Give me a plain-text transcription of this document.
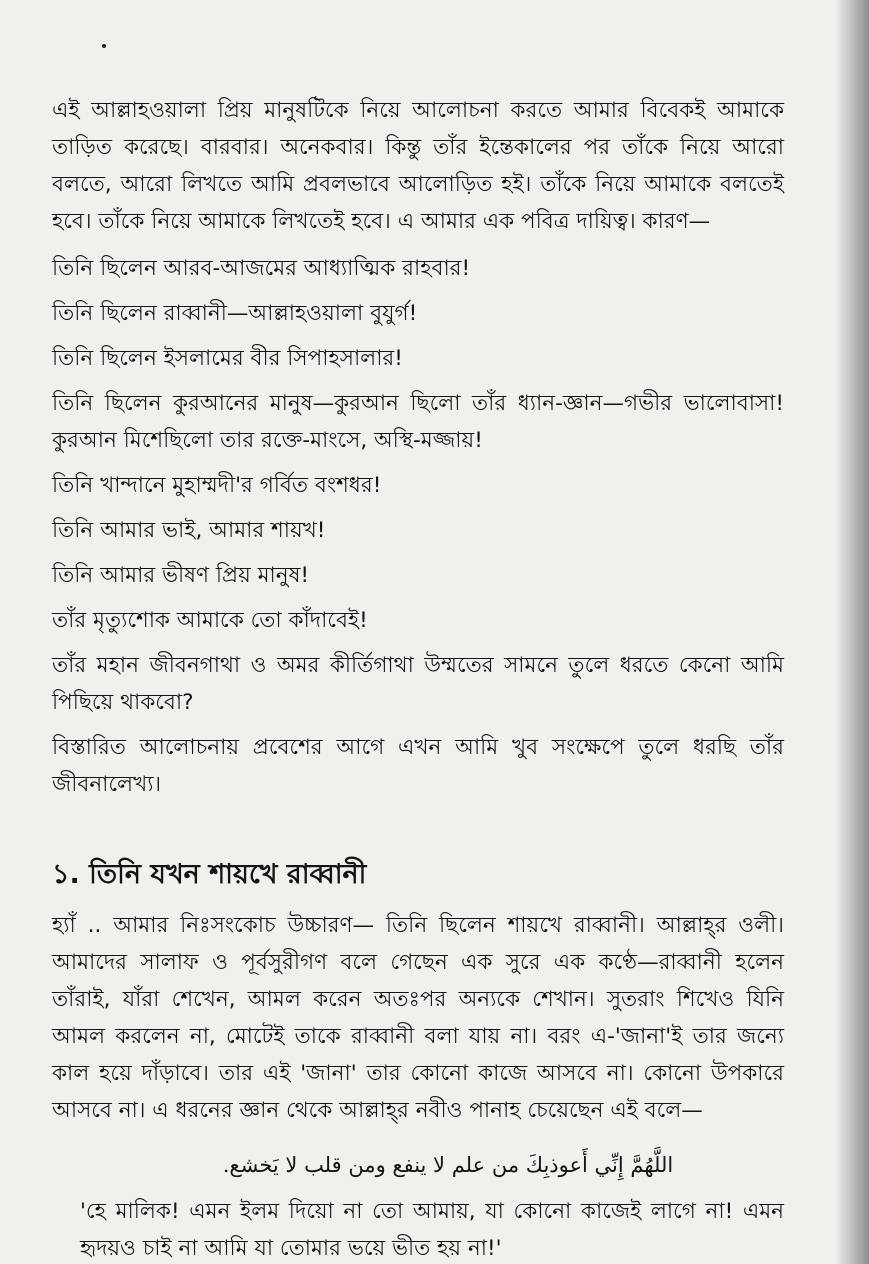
এই আল্লাহওয়ালা প্রিয় মানুষটিকে নিয়ে আলোচনা করতে আমার বিবেকই আমাকে তাড়িত করেছে। বারবার। অনেকবার। কিন্তু তাঁর ইন্তেকালের পর তাঁকে নিয়ে আরো বলতে, আরো লিখতে আমি প্রবলভাবে আলোড়িত হই। তাঁকে নিয়ে আমাকে বলতেই হবে। তাঁকে নিয়ে আমাকে লিখতেই হবে। এ আমার এক পবিত্র দায়িত্ব। কারণ—

তিনি ছিলেন আরব-আজমের আধ্যাত্মিক রাহবার!

তিনি ছিলেন রাব্বানী—আল্লাহওয়ালা বুযুর্গ!

তিনি ছিলেন ইসলামের বীর সিপাহসালার!

তিনি ছিলেন কুরআনের মানুষ—কুরআন ছিলো তাঁর ধ্যান-জ্ঞান—গভীর ভালোবাসা! কুরআন মিশেছিলো তার রক্তে-মাংসে, অস্থি-মজ্জায়!

তিনি খান্দানে মুহাম্মদী'র গর্বিত বংশধর!

তিনি আমার ভাই, আমার শায়খ!

তিনি আমার ভীষণ প্রিয় মানুষ!

তাঁর মৃত্যুশোক আমাকে তো কাঁদাবেই!

তাঁর মহান জীবনগাথা ও অমর কীর্তিগাথা উম্মতের সামনে তুলে ধরতে কেনো আমি পিছিয়ে থাকবো?

বিস্তারিত আলোচনায় প্রবেশের আগে এখন আমি খুব সংক্ষেপে তুলে ধরছি তাঁর জীবনালেখ্য।

১. তিনি যখন শায়খে রাব্বানী

হ্যাঁ .. আমার নিঃসংকোচ উচ্চারণ— তিনি ছিলেন শায়খে রাব্বানী। আল্লাহ্‌র ওলী। আমাদের সালাফ ও পূর্বসুরীগণ বলে গেছেন এক সুরে এক কণ্ঠে—রাব্বানী হলেন তাঁরাই, যাঁরা শেখেন, আমল করেন অতঃপর অন্যকে শেখান। সুতরাং শিখেও যিনি আমল করলেন না, মোটেই তাকে রাব্বানী বলা যায় না। বরং এ-'জানা'ই তার জন্যে কাল হয়ে দাঁড়াবে। তার এই 'জানা' তার কোনো কাজে আসবে না। কোনো উপকারে আসবে না। এ ধরনের জ্ঞান থেকে আল্লাহ্‌র নবীও পানাহ চেয়েছেন এই বলে—

اللَّهُمَّ إِنِّي أَعوذبِكَ من علم لا ينفع ومن قلب لا يَخشع.

'হে মালিক! এমন ইলম দিয়ো না তো আমায়, যা কোনো কাজেই লাগে না! এমন হৃদয়ও চাই না আমি যা তোমার ভয়ে ভীত হয় না!'
